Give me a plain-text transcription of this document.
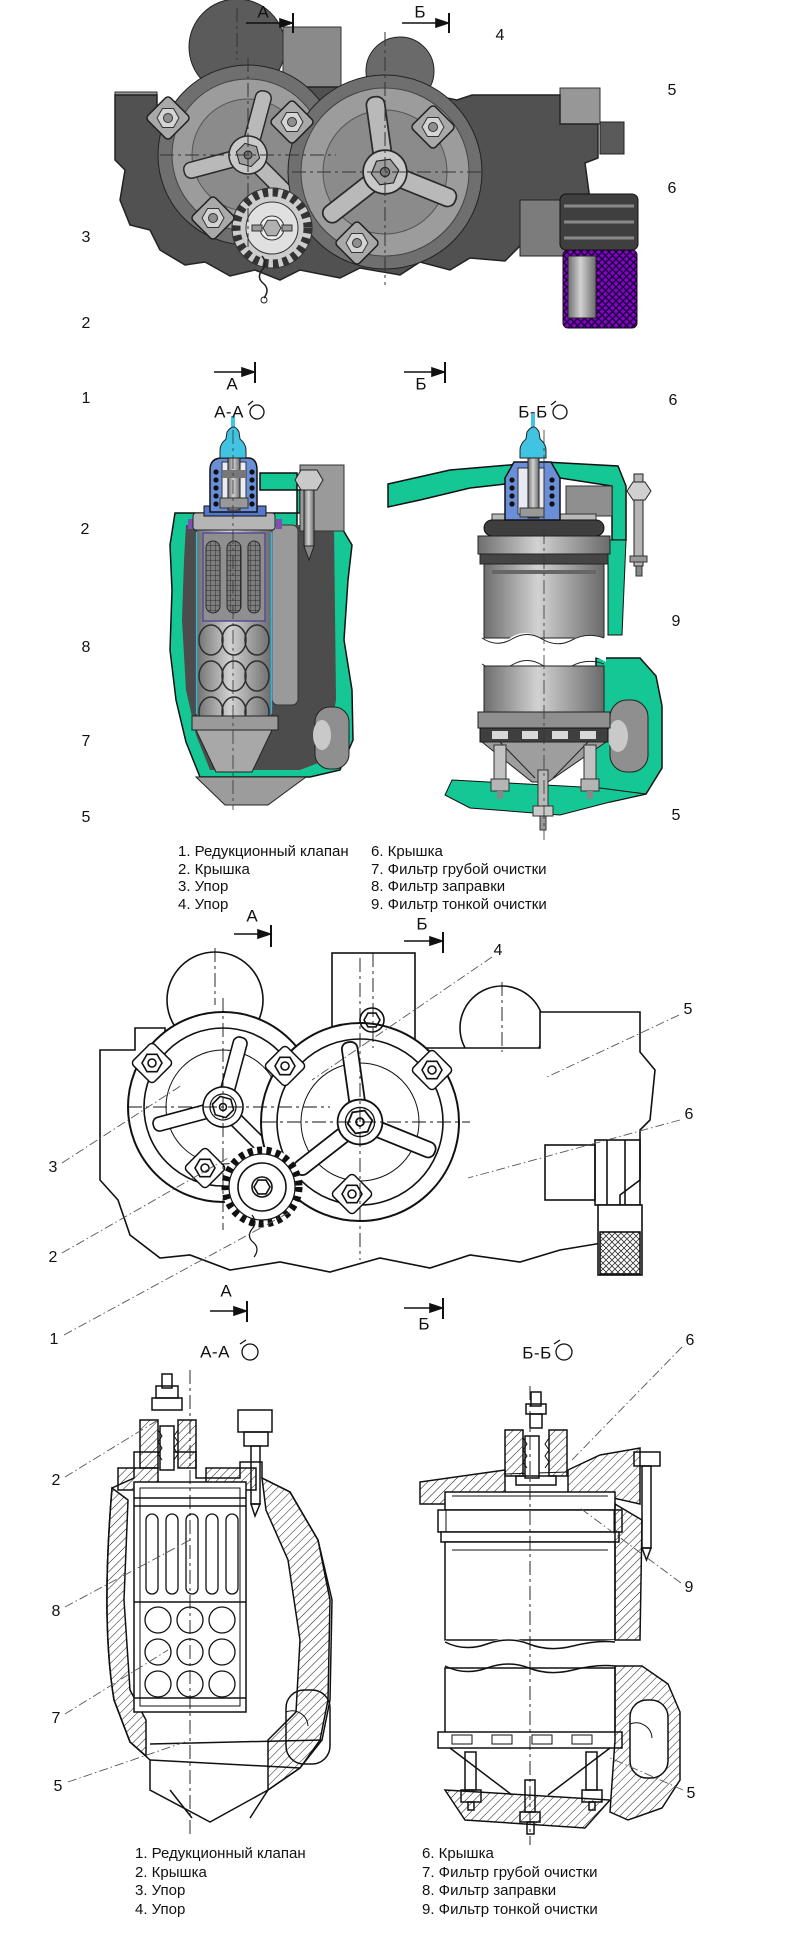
А	Б
А	Б
А	Б
А
Б
А-А	Б-Б
А-А	Б-Б
4
5
6
3
2
1	6
2
8
7
5
9
5
4
5
6
3
2
1
2
8
7
5
6
9
5
1. Редукционный клапан
2. Крышка
3. Упор
4. Упор
6. Крышка
7. Фильтр грубой очистки
8. Фильтр заправки
9. Фильтр тонкой очистки
1. Редукционный клапан
2. Крышка
3. Упор
4. Упор
6. Крышка
7. Фильтр грубой очистки
8. Фильтр заправки
9. Фильтр тонкой очистки
